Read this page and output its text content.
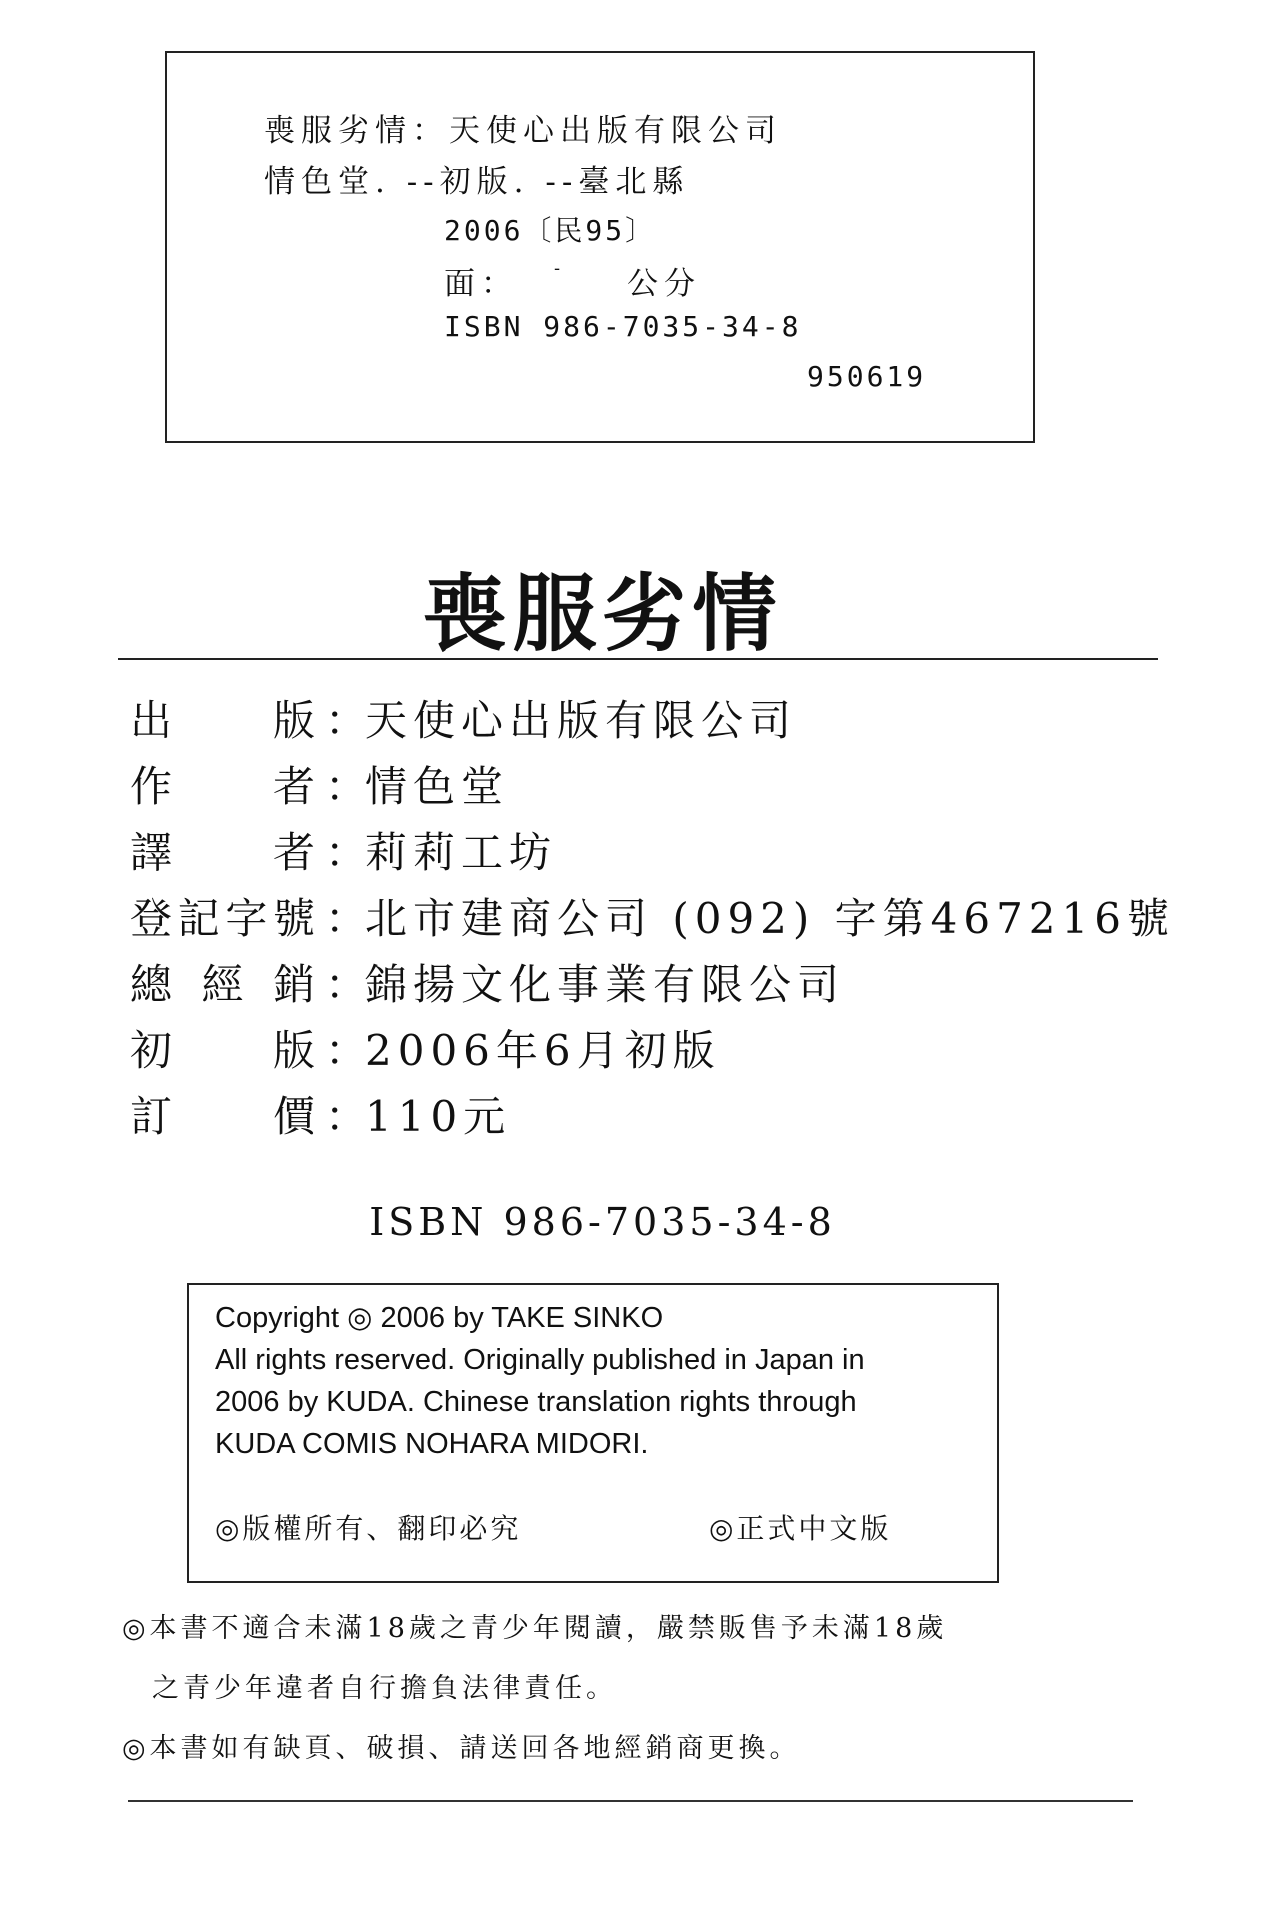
喪服劣情：天使心出版有限公司
情色堂. --初版. --臺北縣
2006〔民95〕
面： - 公分
ISBN 986-7035-34-8
950619
喪服劣情
出 版 ：
天使心出版有限公司
作 者 ：
情色堂
譯 者 ：
莉莉工坊
登 記 字 號 ：
北市建商公司 (092) 字第467216號
總 經 銷 ：
錦揚文化事業有限公司
初 版 ：
2006年6月初版
訂 價 ：
110元
ISBN 986-7035-34-8
Copyright ◎ 2006 by TAKE SINKO
All rights reserved. Originally published in Japan in
2006 by KUDA. Chinese translation rights through
KUDA COMIS NOHARA MIDORI.
◎版權所有、翻印必究	◎正式中文版
◎本書不適合未滿18歲之青少年閱讀，嚴禁販售予未滿18歲
之青少年違者自行擔負法律責任。
◎本書如有缺頁、破損、請送回各地經銷商更換。
